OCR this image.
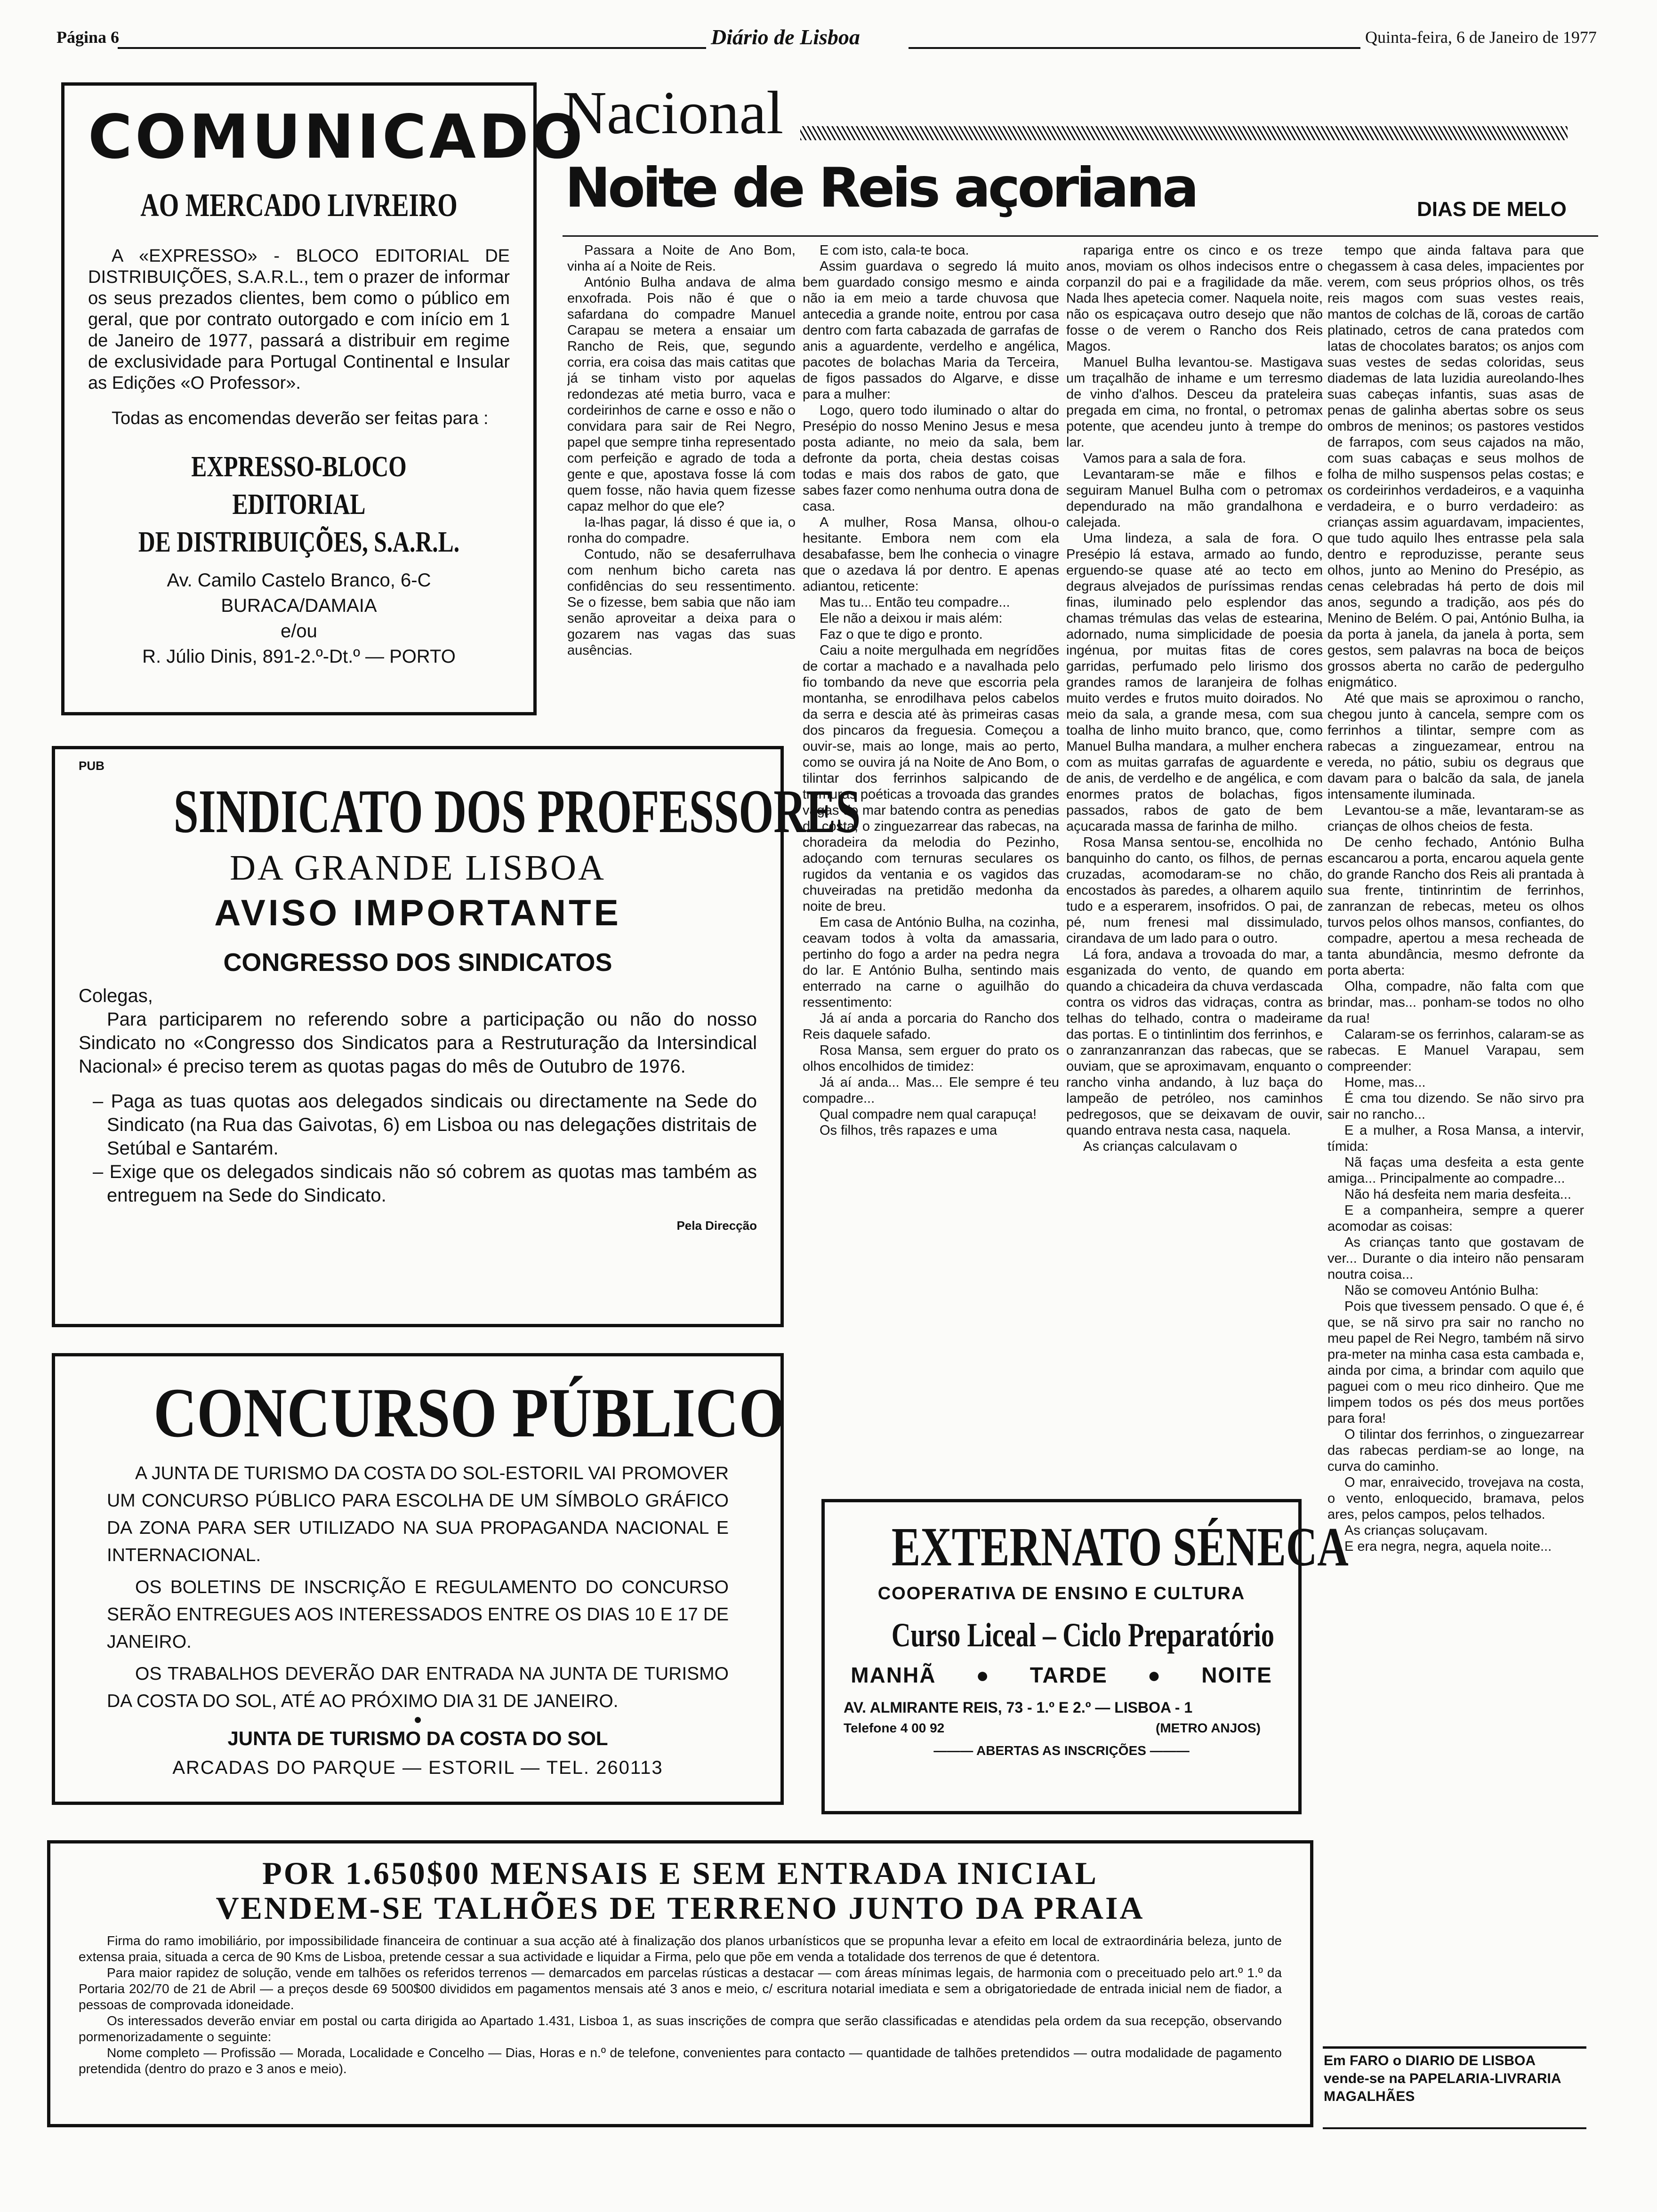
Página 6	Diário de Lisboa	Quinta-feira, 6 de Janeiro de 1977
COMUNICADO
AO MERCADO LIVREIRO

A «EXPRESSO» - BLOCO EDITORIAL DE DISTRIBUIÇÕES, S.A.R.L., tem o prazer de informar os seus prezados clientes, bem como o público em geral, que por contrato outorgado e com início em 1 de Janeiro de 1977, passará a distribuir em regime de exclusividade para Portugal Continental e Insular as Edições «O Professor».

Todas as encomendas deverão ser feitas para :

EXPRESSO-BLOCO EDITORIAL
DE DISTRIBUIÇÕES, S.A.R.L.
Av. Camilo Castelo Branco, 6-C
BURACA/DAMAIA
e/ou
R. Júlio Dinis, 891-2.º-Dt.º — PORTO
PUB
SINDICATO DOS PROFESSORES
DA GRANDE LISBOA
AVISO IMPORTANTE
CONGRESSO DOS SINDICATOS
Colegas,

Para participarem no referendo sobre a participação ou não do nosso Sindicato no «Congresso dos Sindicatos para a Restruturação da Intersindical Nacional» é preciso terem as quotas pagas do mês de Outubro de 1976.

– Paga as tuas quotas aos delegados sindicais ou directamente na Sede do Sindicato (na Rua das Gaivotas, 6) em Lisboa ou nas delegações distritais de Setúbal e Santarém.

– Exige que os delegados sindicais não só cobrem as quotas mas também as entreguem na Sede do Sindicato.

Pela Direcção
CONCURSO PÚBLICO

A JUNTA DE TURISMO DA COSTA DO SOL-ESTORIL VAI PROMOVER UM CONCURSO PÚBLICO PARA ESCOLHA DE UM SÍMBOLO GRÁFICO DA ZONA PARA SER UTILIZADO NA SUA PROPAGANDA NACIONAL E INTERNACIONAL.

OS BOLETINS DE INSCRIÇÃO E REGULAMENTO DO CONCURSO SERÃO ENTREGUES AOS INTERESSADOS ENTRE OS DIAS 10 E 17 DE JANEIRO.

OS TRABALHOS DEVERÃO DAR ENTRADA NA JUNTA DE TURISMO DA COSTA DO SOL, ATÉ AO PRÓXIMO DIA 31 DE JANEIRO.

●
JUNTA DE TURISMO DA COSTA DO SOL
ARCADAS DO PARQUE — ESTORIL — TEL. 260113
Nacional
Noite de Reis açoriana	DIAS DE MELO

Passara a Noite de Ano Bom, vinha aí a Noite de Reis.

António Bulha andava de alma enxofrada. Pois não é que o safardana do compadre Manuel Carapau se metera a ensaiar um Rancho de Reis, que, segundo corria, era coisa das mais catitas que já se tinham visto por aquelas redondezas até metia burro, vaca e cordeirinhos de carne e osso e não o convidara para sair de Rei Negro, papel que sempre tinha representado com perfeição e agrado de toda a gente e que, apostava fosse lá com quem fosse, não havia quem fizesse capaz melhor do que ele?

Ia-lhas pagar, lá disso é que ia, o ronha do compadre.

Contudo, não se desaferrulhava com nenhum bicho careta nas confidências do seu ressentimento. Se o fizesse, bem sabia que não iam senão aproveitar a deixa para o gozarem nas vagas das suas ausências.

E com isto, cala-te boca.

Assim guardava o segredo lá muito bem guardado consigo mesmo e ainda não ia em meio a tarde chuvosa que antecedia a grande noite, entrou por casa dentro com farta cabazada de garrafas de anis a aguardente, verdelho e angélica, pacotes de bolachas Maria da Terceira, de figos passados do Algarve, e disse para a mulher:

Logo, quero todo iluminado o altar do Presépio do nosso Menino Jesus e mesa posta adiante, no meio da sala, bem defronte da porta, cheia destas coisas todas e mais dos rabos de gato, que sabes fazer como nenhuma outra dona de casa.

A mulher, Rosa Mansa, olhou-o hesitante. Embora nem com ela desabafasse, bem lhe conhecia o vinagre que o azedava lá por dentro. E apenas adiantou, reticente:

Mas tu... Então teu compadre...

Ele não a deixou ir mais além:

Faz o que te digo e pronto.

Caiu a noite mergulhada em negrídões de cortar a machado e a navalhada pelo fio tombando da neve que escorria pela montanha, se enrodilhava pelos cabelos da serra e descia até às primeiras casas dos pincaros da freguesia. Começou a ouvir-se, mais ao longe, mais ao perto, como se ouvira já na Noite de Ano Bom, o tilintar dos ferrinhos salpicando de tremuras poéticas a trovoada das grandes vagas do mar batendo contra as penedias da costa, o zinguezarrear das rabecas, na choradeira da melodia do Pezinho, adoçando com ternuras seculares os rugidos da ventania e os vagidos das chuveiradas na pretidão medonha da noite de breu.

Em casa de António Bulha, na cozinha, ceavam todos à volta da amassaria, pertinho do fogo a arder na pedra negra do lar. E António Bulha, sentindo mais enterrado na carne o aguilhão do ressentimento:

Já aí anda a porcaria do Rancho dos Reis daquele safado.

Rosa Mansa, sem erguer do prato os olhos encolhidos de timidez:

Já aí anda... Mas... Ele sempre é teu compadre...

Qual compadre nem qual carapuça!

Os filhos, três rapazes e uma

rapariga entre os cinco e os treze anos, moviam os olhos indecisos entre o corpanzil do pai e a fragilidade da mãe. Nada lhes apetecia comer. Naquela noite, não os espicaçava outro desejo que não fosse o de verem o Rancho dos Reis Magos.

Manuel Bulha levantou-se. Mastigava um traçalhão de inhame e um terresmo de vinho d'alhos. Desceu da prateleira pregada em cima, no frontal, o petromax potente, que acendeu junto à trempe do lar.

Vamos para a sala de fora.

Levantaram-se mãe e filhos e seguiram Manuel Bulha com o petromax dependurado na mão grandalhona e calejada.

Uma lindeza, a sala de fora. O Presépio lá estava, armado ao fundo, erguendo-se quase até ao tecto em degraus alvejados de puríssimas rendas finas, iluminado pelo esplendor das chamas trémulas das velas de estearina, adornado, numa simplicidade de poesia ingénua, por muitas fitas de cores garridas, perfumado pelo lirismo dos grandes ramos de laranjeira de folhas muito verdes e frutos muito doirados. No meio da sala, a grande mesa, com sua toalha de linho muito branco, que, como Manuel Bulha mandara, a mulher enchera com as muitas garrafas de aguardente e de anis, de verdelho e de angélica, e com enormes pratos de bolachas, figos passados, rabos de gato de bem açucarada massa de farinha de milho.

Rosa Mansa sentou-se, encolhida no banquinho do canto, os filhos, de pernas cruzadas, acomodaram-se no chão, encostados às paredes, a olharem aquilo tudo e a esperarem, insofridos. O pai, de pé, num frenesi mal dissimulado, cirandava de um lado para o outro.

Lá fora, andava a trovoada do mar, a esganizada do vento, de quando em quando a chicadeira da chuva verdascada contra os vidros das vidraças, contra as telhas do telhado, contra o madeirame das portas. E o tintinlintim dos ferrinhos, e o zanranzanranzan das rabecas, que se ouviam, que se aproximavam, enquanto o rancho vinha andando, à luz baça do lampeão de petróleo, nos caminhos pedregosos, que se deixavam de ouvir, quando entrava nesta casa, naquela.

As crianças calculavam o

tempo que ainda faltava para que chegassem à casa deles, impacientes por verem, com seus próprios olhos, os três reis magos com suas vestes reais, mantos de colchas de lã, coroas de cartão platinado, cetros de cana pratedos com latas de chocolates baratos; os anjos com suas vestes de sedas coloridas, seus diademas de lata luzidia aureolando-lhes suas cabeças infantis, suas asas de penas de galinha abertas sobre os seus ombros de meninos; os pastores vestidos de farrapos, com seus cajados na mão, com suas cabaças e seus molhos de folha de milho suspensos pelas costas; e os cordeirinhos verdadeiros, e a vaquinha verdadeira, e o burro verdadeiro: as crianças assim aguardavam, impacientes, que tudo aquilo lhes entrasse pela sala dentro e reproduzisse, perante seus olhos, junto ao Menino do Presépio, as cenas celebradas há perto de dois mil anos, segundo a tradição, aos pés do Menino de Belém. O pai, António Bulha, ia da porta à janela, da janela à porta, sem gestos, sem palavras na boca de beiços grossos aberta no carão de pedergulho enigmático.

Até que mais se aproximou o rancho, chegou junto à cancela, sempre com os ferrinhos a tilintar, sempre com as rabecas a zinguezamear, entrou na vereda, no pátio, subiu os degraus que davam para o balcão da sala, de janela intensamente iluminada.

Levantou-se a mãe, levantaram-se as crianças de olhos cheios de festa.

De cenho fechado, António Bulha escancarou a porta, encarou aquela gente do grande Rancho dos Reis ali prantada à sua frente, tintinrintim de ferrinhos, zanranzan de rebecas, meteu os olhos turvos pelos olhos mansos, confiantes, do compadre, apertou a mesa recheada de tanta abundância, mesmo defronte da porta aberta:

Olha, compadre, não falta com que brindar, mas... ponham-se todos no olho da rua!

Calaram-se os ferrinhos, calaram-se as rabecas. E Manuel Varapau, sem compreender:

Home, mas...

É cma tou dizendo. Se não sirvo pra sair no rancho...

E a mulher, a Rosa Mansa, a intervir, tímida:

Nã faças uma desfeita a esta gente amiga... Principalmente ao compadre...

Não há desfeita nem maria desfeita...

E a companheira, sempre a querer acomodar as coisas:

As crianças tanto que gostavam de ver... Durante o dia inteiro não pensaram noutra coisa...

Não se comoveu António Bulha:

Pois que tivessem pensado. O que é, é que, se nã sirvo pra sair no rancho no meu papel de Rei Negro, também nã sirvo pra-meter na minha casa esta cambada e, ainda por cima, a brindar com aquilo que paguei com o meu rico dinheiro. Que me limpem todos os pés dos meus portões para fora!

O tilintar dos ferrinhos, o zinguezarrear das rabecas perdiam-se ao longe, na curva do caminho.

O mar, enraivecido, trovejava na costa, o vento, enloquecido, bramava, pelos ares, pelos campos, pelos telhados.

As crianças soluçavam.

E era negra, negra, aquela noite...

Em FARO o DIARIO DE LISBOA vende-se na PAPELARIA-LIVRARIA MAGALHÃES
EXTERNATO SÉNECA
COOPERATIVA DE ENSINO E CULTURA
Curso Liceal – Ciclo Preparatório
MANHÃ ● TARDE ● NOITE
AV. ALMIRANTE REIS, 73 - 1.º E 2.º — LISBOA - 1
Telefone 4 00 92	(METRO ANJOS)
——— ABERTAS AS INSCRIÇÕES ———
POR 1.650$00 MENSAIS E SEM ENTRADA INICIAL
VENDEM-SE TALHÕES DE TERRENO JUNTO DA PRAIA

Firma do ramo imobiliário, por impossibilidade financeira de continuar a sua acção até à finalização dos planos urbanísticos que se propunha levar a efeito em local de extraordinária beleza, junto de extensa praia, situada a cerca de 90 Kms de Lisboa, pretende cessar a sua actividade e liquidar a Firma, pelo que põe em venda a totalidade dos terrenos de que é detentora.

Para maior rapidez de solução, vende em talhões os referidos terrenos — demarcados em parcelas rústicas a destacar — com áreas mínimas legais, de harmonia com o preceituado pelo art.º 1.º da Portaria 202/70 de 21 de Abril — a preços desde 69 500$00 divididos em pagamentos mensais até 3 anos e meio, c/ escritura notarial imediata e sem a obrigatoriedade de entrada inicial nem de fiador, a pessoas de comprovada idoneidade.

Os interessados deverão enviar em postal ou carta dirigida ao Apartado 1.431, Lisboa 1, as suas inscrições de compra que serão classificadas e atendidas pela ordem da sua recepção, observando pormenorizadamente o seguinte:

Nome completo — Profissão — Morada, Localidade e Concelho — Dias, Horas e n.º de telefone, convenientes para contacto — quantidade de talhões pretendidos — outra modalidade de pagamento pretendida (dentro do prazo e 3 anos e meio).
